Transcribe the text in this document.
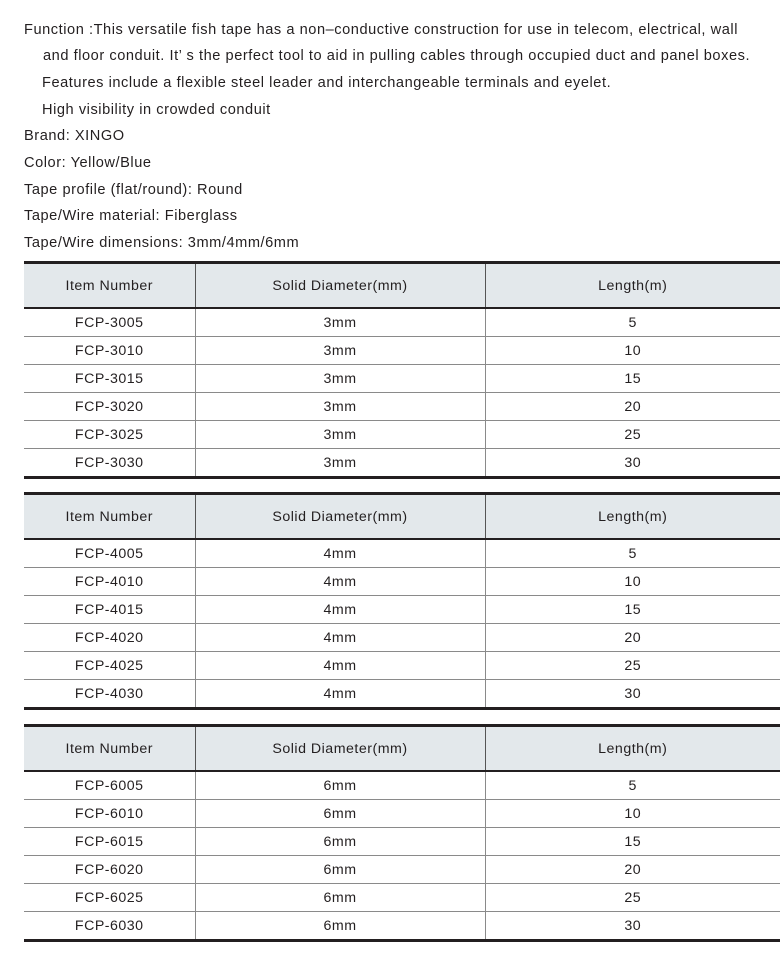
Function :This versatile fish tape has a non–conductive construction for use in telecom, electrical, wall
and floor conduit. It’ s the perfect tool to aid in pulling cables through occupied duct and panel boxes.
Features include a flexible steel leader and interchangeable terminals and eyelet.
High visibility in crowded conduit
Brand: XINGO
Color: Yellow/Blue
Tape profile (flat/round): Round
Tape/Wire material: Fiberglass
Tape/Wire dimensions: 3mm/4mm/6mm
Item Number	Solid Diameter(mm)	Length(m)
FCP-3005	3mm	5
FCP-3010	3mm	10
FCP-3015	3mm	15
FCP-3020	3mm	20
FCP-3025	3mm	25
FCP-3030	3mm	30
Item Number	Solid Diameter(mm)	Length(m)
FCP-4005	4mm	5
FCP-4010	4mm	10
FCP-4015	4mm	15
FCP-4020	4mm	20
FCP-4025	4mm	25
FCP-4030	4mm	30
Item Number	Solid Diameter(mm)	Length(m)
FCP-6005	6mm	5
FCP-6010	6mm	10
FCP-6015	6mm	15
FCP-6020	6mm	20
FCP-6025	6mm	25
FCP-6030	6mm	30
